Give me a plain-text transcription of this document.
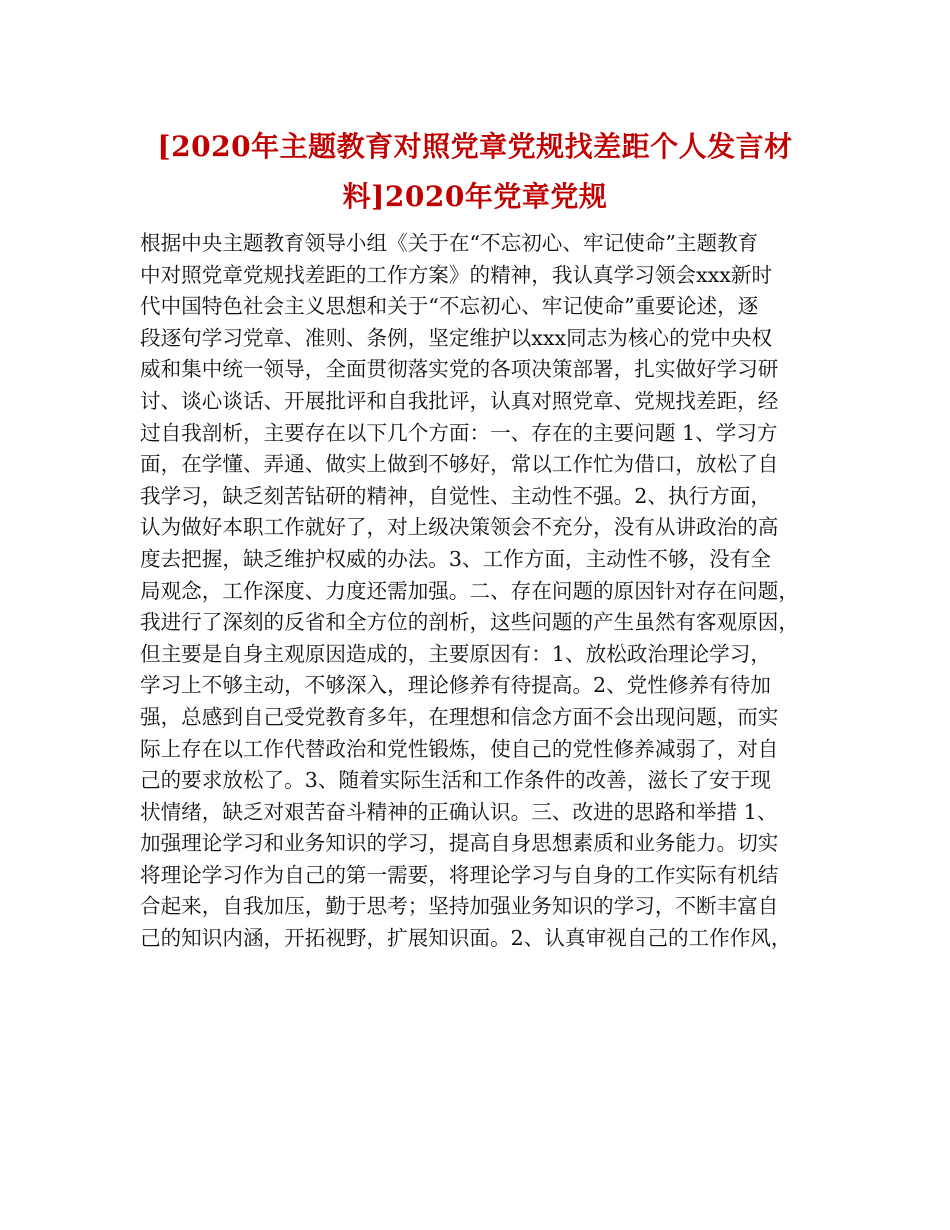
[2020年主题教育对照党章党规找差距个人发言材
料]2020年党章党规
根据中央主题教育领导小组《关于在“不忘初心、牢记使命”主题教育
中对照党章党规找差距的工作方案》的精神，我认真学习领会xxx新时
代中国特色社会主义思想和关于“不忘初心、牢记使命”重要论述，逐
段逐句学习党章、准则、条例，坚定维护以xxx同志为核心的党中央权
威和集中统一领导，全面贯彻落实党的各项决策部署，扎实做好学习研
讨、谈心谈话、开展批评和自我批评，认真对照党章、党规找差距，经
过自我剖析，主要存在以下几个方面：一、存在的主要问题 1、学习方
面，在学懂、弄通、做实上做到不够好，常以工作忙为借口，放松了自
我学习，缺乏刻苦钻研的精神，自觉性、主动性不强。2、执行方面，
认为做好本职工作就好了，对上级决策领会不充分，没有从讲政治的高
度去把握，缺乏维护权威的办法。3、工作方面，主动性不够，没有全
局观念，工作深度、力度还需加强。二、存在问题的原因针对存在问题，
我进行了深刻的反省和全方位的剖析，这些问题的产生虽然有客观原因，
但主要是自身主观原因造成的，主要原因有：1、放松政治理论学习，
学习上不够主动，不够深入，理论修养有待提高。2、党性修养有待加
强，总感到自己受党教育多年，在理想和信念方面不会出现问题，而实
际上存在以工作代替政治和党性锻炼，使自己的党性修养减弱了，对自
己的要求放松了。3、随着实际生活和工作条件的改善，滋长了安于现
状情绪，缺乏对艰苦奋斗精神的正确认识。三、改进的思路和举措 1、
加强理论学习和业务知识的学习，提高自身思想素质和业务能力。切实
将理论学习作为自己的第一需要，将理论学习与自身的工作实际有机结
合起来，自我加压，勤于思考；坚持加强业务知识的学习，不断丰富自
己的知识内涵，开拓视野，扩展知识面。2、认真审视自己的工作作风，
